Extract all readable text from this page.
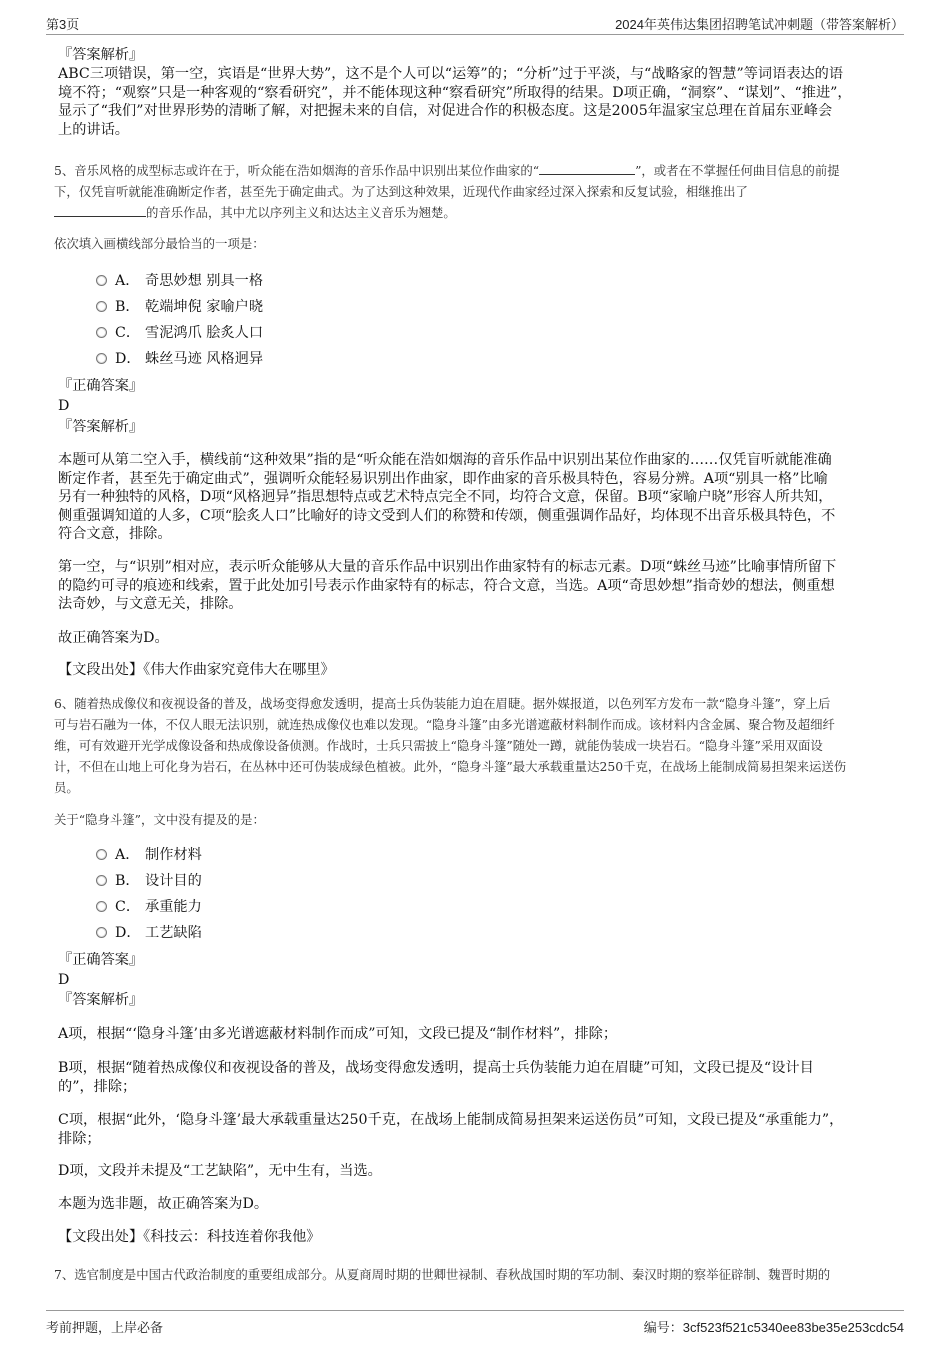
第3页	2024年英伟达集团招聘笔试冲刺题（带答案解析）
『答案解析』
ABC三项错误，第一空，宾语是“世界大势”，这不是个人可以“运筹”的；“分析”过于平淡，与“战略家的智慧”等词语表达的语
境不符；“观察”只是一种客观的“察看研究”，并不能体现这种“察看研究”所取得的结果。D项正确，“洞察”、“谋划”、“推进”，
显示了“我们”对世界形势的清晰了解，对把握未来的自信，对促进合作的积极态度。这是2005年温家宝总理在首届东亚峰会
上的讲话。
5、音乐风格的成型标志或许在于，听众能在浩如烟海的音乐作品中识别出某位作曲家的“	”，或者在不掌握任何曲目信息的前提
下，仅凭盲听就能准确断定作者，甚至先于确定曲式。为了达到这种效果，近现代作曲家经过深入探索和反复试验，相继推出了
的音乐作品，其中尤以序列主义和达达主义音乐为翘楚。
依次填入画横线部分最恰当的一项是：
A． 奇思妙想 别具一格
B． 乾端坤倪 家喻户晓
C． 雪泥鸿爪 脍炙人口
D． 蛛丝马迹 风格迥异
『正确答案』
D
『答案解析』
本题可从第二空入手，横线前“这种效果”指的是“听众能在浩如烟海的音乐作品中识别出某位作曲家的……仅凭盲听就能准确
断定作者，甚至先于确定曲式”，强调听众能轻易识别出作曲家，即作曲家的音乐极具特色，容易分辨。A项“别具一格”比喻
另有一种独特的风格，D项“风格迥异”指思想特点或艺术特点完全不同，均符合文意，保留。B项“家喻户晓”形容人所共知，
侧重强调知道的人多，C项“脍炙人口”比喻好的诗文受到人们的称赞和传颂，侧重强调作品好，均体现不出音乐极具特色，不
符合文意，排除。
第一空，与“识别”相对应，表示听众能够从大量的音乐作品中识别出作曲家特有的标志元素。D项“蛛丝马迹”比喻事情所留下
的隐约可寻的痕迹和线索，置于此处加引号表示作曲家特有的标志，符合文意，当选。A项“奇思妙想”指奇妙的想法，侧重想
法奇妙，与文意无关，排除。
故正确答案为D。
【文段出处】《伟大作曲家究竟伟大在哪里》
6、随着热成像仪和夜视设备的普及，战场变得愈发透明，提高士兵伪装能力迫在眉睫。据外媒报道，以色列军方发布一款“隐身斗篷”，穿上后
可与岩石融为一体，不仅人眼无法识别，就连热成像仪也难以发现。“隐身斗篷”由多光谱遮蔽材料制作而成。该材料内含金属、聚合物及超细纤
维，可有效避开光学成像设备和热成像设备侦测。作战时，士兵只需披上“隐身斗篷”随处一蹲，就能伪装成一块岩石。“隐身斗篷”采用双面设
计，不但在山地上可化身为岩石，在丛林中还可伪装成绿色植被。此外，“隐身斗篷”最大承载重量达250千克，在战场上能制成简易担架来运送伤
员。
关于“隐身斗篷”，文中没有提及的是：
A． 制作材料
B． 设计目的
C． 承重能力
D． 工艺缺陷
『正确答案』
D
『答案解析』
A项，根据“‘隐身斗篷’由多光谱遮蔽材料制作而成”可知，文段已提及“制作材料”，排除；
B项，根据“随着热成像仪和夜视设备的普及，战场变得愈发透明，提高士兵伪装能力迫在眉睫”可知，文段已提及“设计目
的”，排除；
C项，根据“此外，‘隐身斗篷’最大承载重量达250千克，在战场上能制成简易担架来运送伤员”可知，文段已提及“承重能力”，
排除；
D项，文段并未提及“工艺缺陷”，无中生有，当选。
本题为选非题，故正确答案为D。
【文段出处】《科技云：科技连着你我他》
7、选官制度是中国古代政治制度的重要组成部分。从夏商周时期的世卿世禄制、春秋战国时期的军功制、秦汉时期的察举征辟制、魏晋时期的
考前押题，上岸必备	编号：3cf523f521c5340ee83be35e253cdc54
